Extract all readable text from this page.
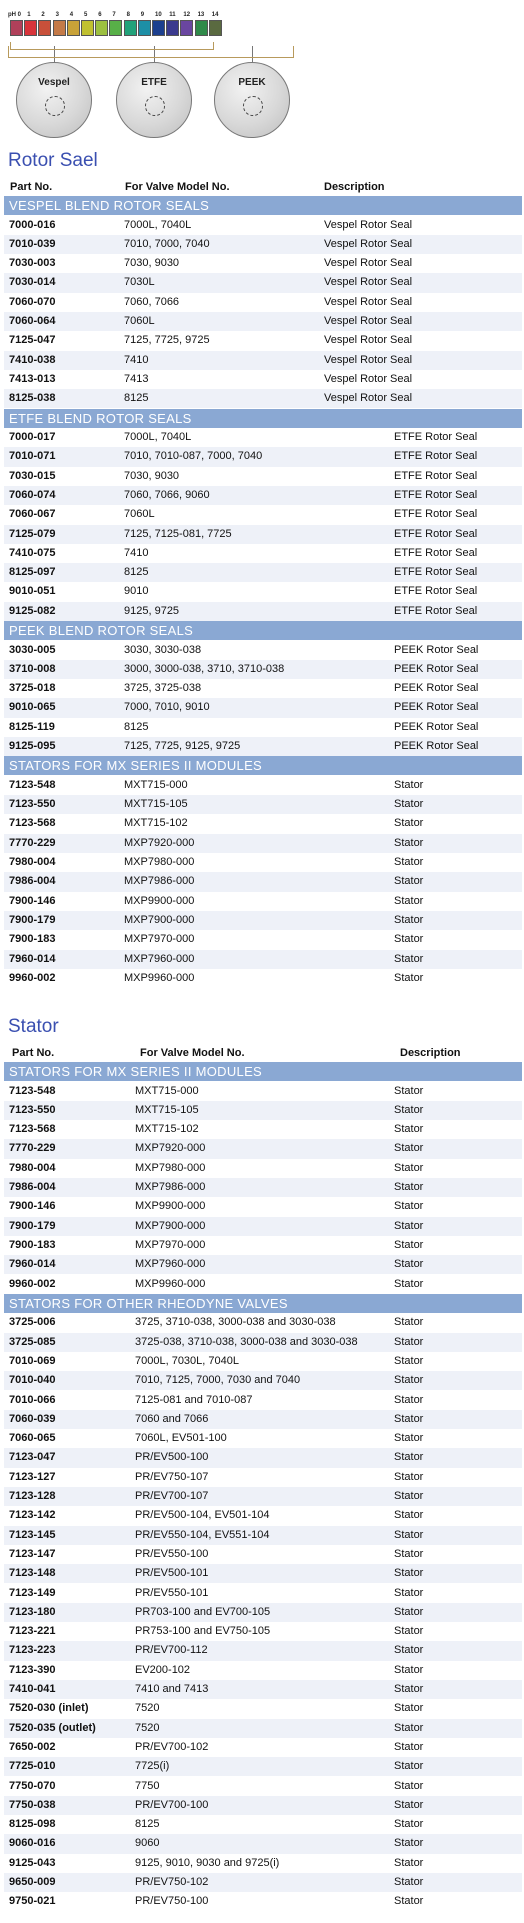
pH 0 1 2 3 4 5 6 7 8 9 10 11 12 13 14
Vespel	ETFE	PEEK
Rotor Sael
Part No.	For Valve Model No.	Description
VESPEL BLEND ROTOR SEALS
7000-016	7000L, 7040L	Vespel Rotor Seal
7010-039	7010, 7000, 7040	Vespel Rotor Seal
7030-003	7030, 9030	Vespel Rotor Seal
7030-014	7030L	Vespel Rotor Seal
7060-070	7060, 7066	Vespel Rotor Seal
7060-064	7060L	Vespel Rotor Seal
7125-047	7125, 7725, 9725	Vespel Rotor Seal
7410-038	7410	Vespel Rotor Seal
7413-013	7413	Vespel Rotor Seal
8125-038	8125	Vespel Rotor Seal
ETFE BLEND ROTOR SEALS
7000-017	7000L, 7040L	ETFE Rotor Seal
7010-071	7010, 7010-087, 7000, 7040	ETFE Rotor Seal
7030-015	7030, 9030	ETFE Rotor Seal
7060-074	7060, 7066, 9060	ETFE Rotor Seal
7060-067	7060L	ETFE Rotor Seal
7125-079	7125, 7125-081, 7725	ETFE Rotor Seal
7410-075	7410	ETFE Rotor Seal
8125-097	8125	ETFE Rotor Seal
9010-051	9010	ETFE Rotor Seal
9125-082	9125, 9725	ETFE Rotor Seal
PEEK BLEND ROTOR SEALS
3030-005	3030, 3030-038	PEEK Rotor Seal
3710-008	3000, 3000-038, 3710, 3710-038	PEEK Rotor Seal
3725-018	3725, 3725-038	PEEK Rotor Seal
9010-065	7000, 7010, 9010	PEEK Rotor Seal
8125-119	8125	PEEK Rotor Seal
9125-095	7125, 7725, 9125, 9725	PEEK Rotor Seal
STATORS FOR MX SERIES II MODULES
7123-548	MXT715-000	Stator
7123-550	MXT715-105	Stator
7123-568	MXT715-102	Stator
7770-229	MXP7920-000	Stator
7980-004	MXP7980-000	Stator
7986-004	MXP7986-000	Stator
7900-146	MXP9900-000	Stator
7900-179	MXP7900-000	Stator
7900-183	MXP7970-000	Stator
7960-014	MXP7960-000	Stator
9960-002	MXP9960-000	Stator
Stator
Part No.	For Valve Model No.	Description
STATORS FOR MX SERIES II MODULES
7123-548	MXT715-000	Stator
7123-550	MXT715-105	Stator
7123-568	MXT715-102	Stator
7770-229	MXP7920-000	Stator
7980-004	MXP7980-000	Stator
7986-004	MXP7986-000	Stator
7900-146	MXP9900-000	Stator
7900-179	MXP7900-000	Stator
7900-183	MXP7970-000	Stator
7960-014	MXP7960-000	Stator
9960-002	MXP9960-000	Stator
STATORS FOR OTHER RHEODYNE VALVES
3725-006	3725, 3710-038, 3000-038 and 3030-038	Stator
3725-085	3725-038, 3710-038, 3000-038 and 3030-038	Stator
7010-069	7000L, 7030L, 7040L	Stator
7010-040	7010, 7125, 7000, 7030 and 7040	Stator
7010-066	7125-081 and 7010-087	Stator
7060-039	7060 and 7066	Stator
7060-065	7060L, EV501-100	Stator
7123-047	PR/EV500-100	Stator
7123-127	PR/EV750-107	Stator
7123-128	PR/EV700-107	Stator
7123-142	PR/EV500-104, EV501-104	Stator
7123-145	PR/EV550-104, EV551-104	Stator
7123-147	PR/EV550-100	Stator
7123-148	PR/EV500-101	Stator
7123-149	PR/EV550-101	Stator
7123-180	PR703-100 and EV700-105	Stator
7123-221	PR753-100 and EV750-105	Stator
7123-223	PR/EV700-112	Stator
7123-390	EV200-102	Stator
7410-041	7410 and 7413	Stator
7520-030 (inlet)	7520	Stator
7520-035 (outlet)	7520	Stator
7650-002	PR/EV700-102	Stator
7725-010	7725(i)	Stator
7750-070	7750	Stator
7750-038	PR/EV700-100	Stator
8125-098	8125	Stator
9060-016	9060	Stator
9125-043	9125, 9010, 9030 and 9725(i)	Stator
9650-009	PR/EV750-102	Stator
9750-021	PR/EV750-100	Stator
